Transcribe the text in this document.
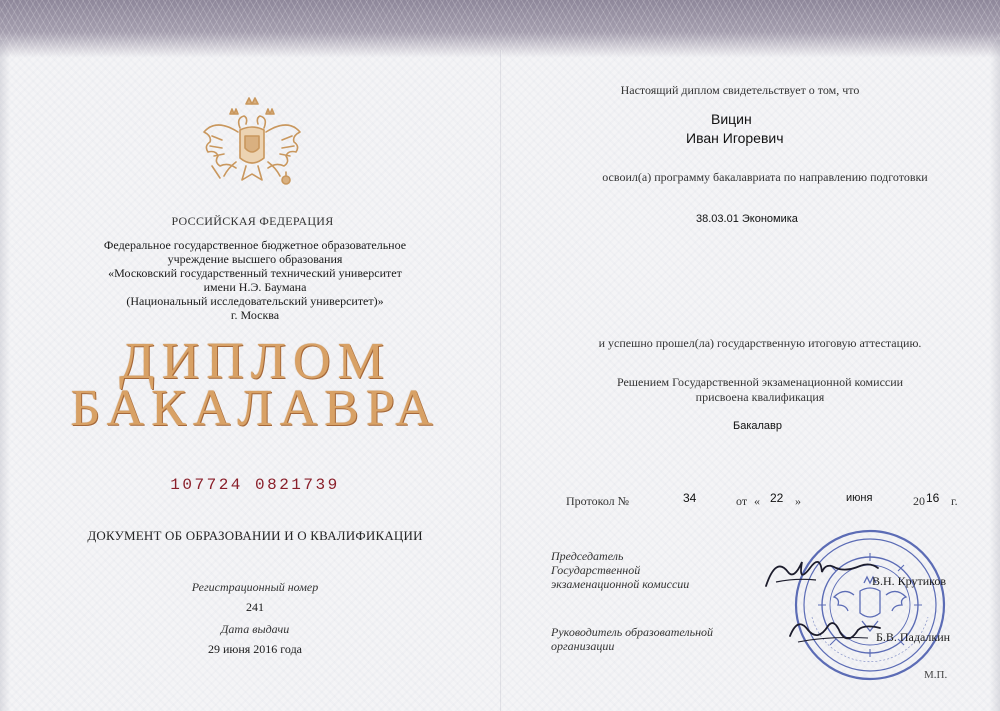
РОССИЙСКАЯ ФЕДЕРАЦИЯ
Федеральное государственное бюджетное образовательное
учреждение высшего образования
«Московский государственный технический университет
имени Н.Э. Баумана
(Национальный исследовательский университет)»
г. Москва
ДИПЛОМ
БАКАЛАВРА
107724 0821739
ДОКУМЕНТ ОБ ОБРАЗОВАНИИ И О КВАЛИФИКАЦИИ
Регистрационный номер
241
Дата выдачи
29 июня 2016 года
Настоящий диплом свидетельствует о том, что
Вицин
Иван Игоревич
освоил(а) программу бакалавриата по направлению подготовки
38.03.01 Экономика
и успешно прошел(ла) государственную итоговую аттестацию.
Решением Государственной экзаменационной комиссии
присвоена квалификация
Бакалавр
Протокол №	34	от « 22 »	июня	20 16 г.
Председатель
Государственной
экзаменационной комиссии
Руководитель образовательной
организации
В.Н. Крутиков
Б.В. Падалкин
М.П.
